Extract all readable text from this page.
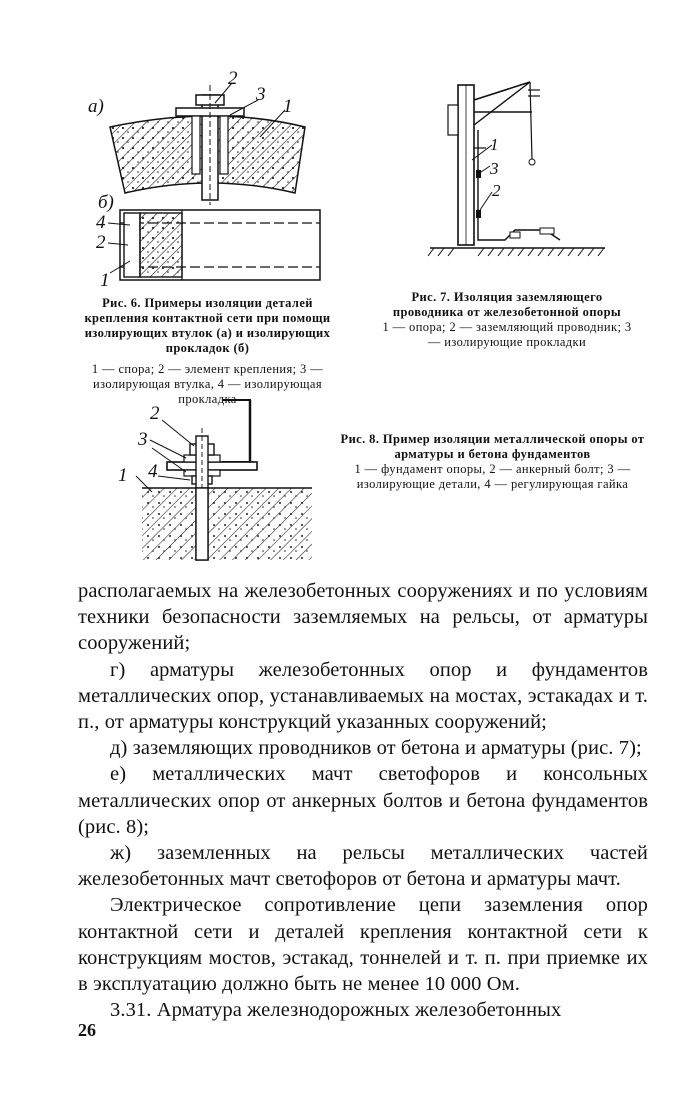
а)
2
3
1
б)
4
2
1
Рис. 6. Примеры изоляции деталей крепления контактной сети при помощи изолирующих втулок (а) и изолирующих прокладок (б)
1 — спора; 2 — элемент крепления; 3 — изолирующая втулка, 4 — изолирующая прокладка
1
3
2
Рис. 7. Изоляция заземляющего проводника от железобетонной опоры
1 — опора; 2 — заземляющий проводник; 3 — изолирующие прокладки
2
3
1 4
Рис. 8. Пример изоляции металлической опоры от арматуры и бетона фундаментов
1 — фундамент опоры, 2 — анкерный болт; 3 — изолирующие детали, 4 — регулирующая гайка

располагаемых на железобетонных сооружениях и по условиям техники безопасности заземляемых на рельсы, от арматуры сооружений;

г) арматуры железобетонных опор и фундаментов металлических опор, устанавливаемых на мостах, эстакадах и т. п., от арматуры конструкций указанных сооружений;

д) заземляющих проводников от бетона и арматуры (рис. 7);

е) металлических мачт светофоров и консольных металлических опор от анкерных болтов и бетона фундаментов (рис. 8);

ж) заземленных на рельсы металлических частей железобетонных мачт светофоров от бетона и арматуры мачт.

Электрическое сопротивление цепи заземления опор контактной сети и деталей крепления контактной сети к конструкциям мостов, эстакад, тоннелей и т. п. при приемке их в эксплуатацию должно быть не менее 10 000 Ом.

3.31. Арматура железнодорожных железобетонных

26
